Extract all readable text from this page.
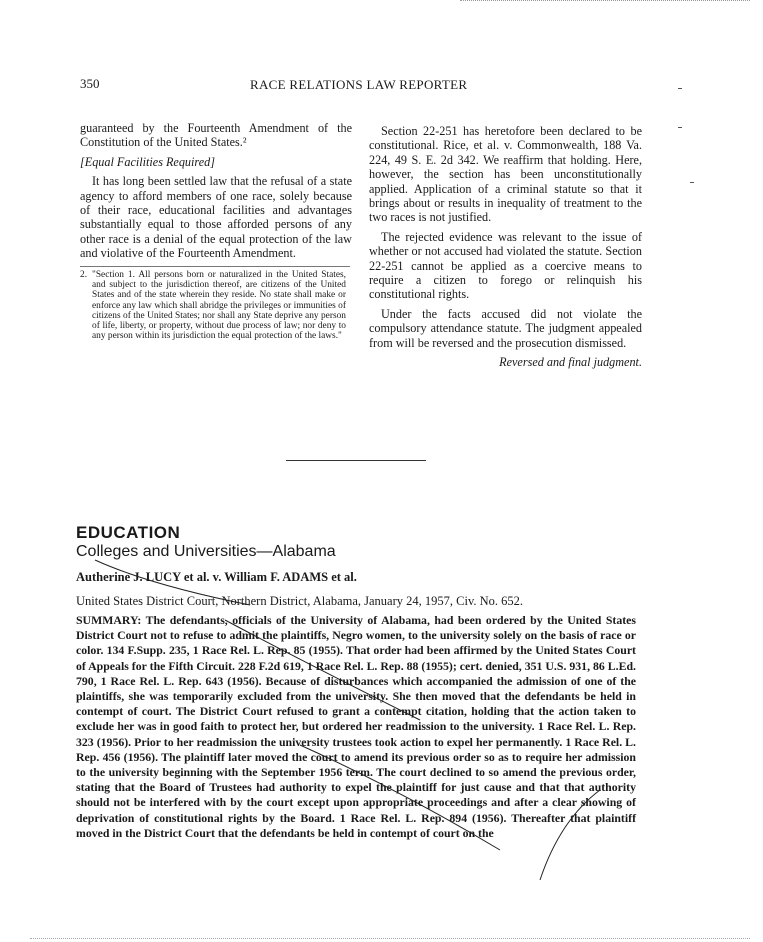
350	RACE RELATIONS LAW REPORTER

guaranteed by the Fourteenth Amendment of the Constitution of the United States.²

[Equal Facilities Required]

It has long been settled law that the refusal of a state agency to afford members of one race, solely because of their race, educational facilities and advantages substantially equal to those afforded persons of any other race is a denial of the equal protection of the law and violative of the Fourteenth Amendment.

2. "Section 1. All persons born or naturalized in the United States, and subject to the jurisdiction thereof, are citizens of the United States and of the state wherein they reside. No state shall make or enforce any law which shall abridge the privileges or immunities of citizens of the United States; nor shall any State deprive any person of life, liberty, or property, without due process of law; nor deny to any person within its jurisdiction the equal protection of the laws."

Section 22-251 has heretofore been declared to be constitutional. Rice, et al. v. Commonwealth, 188 Va. 224, 49 S. E. 2d 342. We reaffirm that holding. Here, however, the section has been unconstitutionally applied. Application of a criminal statute so that it brings about or results in inequality of treatment to the two races is not justified.

The rejected evidence was relevant to the issue of whether or not accused had violated the statute. Section 22-251 cannot be applied as a coercive means to require a citizen to forego or relinquish his constitutional rights.

Under the facts accused did not violate the compulsory attendance statute. The judgment appealed from will be reversed and the prosecution dismissed.

Reversed and final judgment.

EDUCATION
Colleges and Universities—Alabama
Autherine J. LUCY et al. v. William F. ADAMS et al.
United States District Court, Northern District, Alabama, January 24, 1957, Civ. No. 652.
SUMMARY: The defendants, officials of the University of Alabama, had been ordered by the United States District Court not to refuse to admit the plaintiffs, Negro women, to the university solely on the basis of race or color. 134 F.Supp. 235, 1 Race Rel. L. Rep. 85 (1955). That order had been affirmed by the United States Court of Appeals for the Fifth Circuit. 228 F.2d 619, 1 Race Rel. L. Rep. 88 (1955); cert. denied, 351 U.S. 931, 86 L.Ed. 790, 1 Race Rel. L. Rep. 643 (1956). Because of disturbances which accompanied the admission of one of the plaintiffs, she was temporarily excluded from the university. She then moved that the defendants be held in contempt of court. The District Court refused to grant a contempt citation, holding that the action taken to exclude her was in good faith to protect her, but ordered her readmission to the university. 1 Race Rel. L. Rep. 323 (1956). Prior to her readmission the university trustees took action to expel her permanently. 1 Race Rel. L. Rep. 456 (1956). The plaintiff later moved the court to amend its previous order so as to require her admission to the university beginning with the September 1956 term. The court declined to so amend the previous order, stating that the Board of Trustees had authority to expel the plaintiff for just cause and that that authority should not be interfered with by the court except upon appropriate proceedings and after a clear showing of deprivation of constitutional rights by the Board. 1 Race Rel. L. Rep. 894 (1956). Thereafter that plaintiff moved in the District Court that the defendants be held in contempt of court on the
